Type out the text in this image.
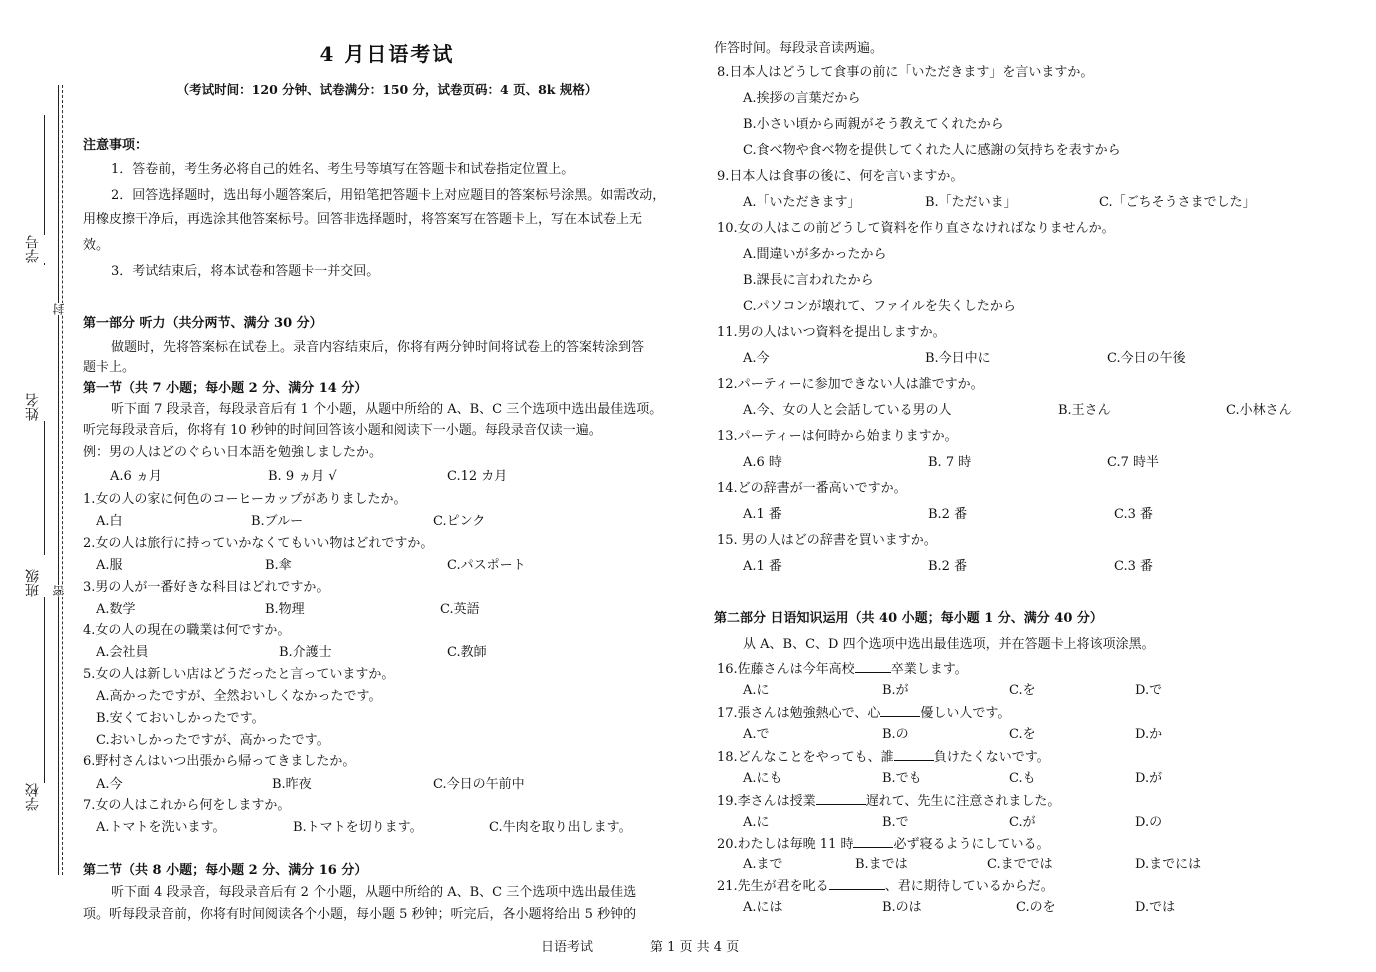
学号
封
姓名
班级 密
学校
4 月日语考试
（考试时间：120 分钟、试卷满分：150 分，试卷页码：4 页、8k 规格）
注意事项：
1．答卷前，考生务必将自己的姓名、考生号等填写在答题卡和试卷指定位置上。
2．回答选择题时，选出每小题答案后，用铅笔把答题卡上对应题目的答案标号涂黑。如需改动，
用橡皮擦干净后，再选涂其他答案标号。回答非选择题时，将答案写在答题卡上，写在本试卷上无
效。
3．考试结束后，将本试卷和答题卡一并交回。
第一部分 听力（共分两节、满分 30 分）
做题时，先将答案标在试卷上。录音内容结束后，你将有两分钟时间将试卷上的答案转涂到答
题卡上。
第一节（共 7 小题；每小题 2 分、满分 14 分）
听下面 7 段录音，每段录音后有 1 个小题，从题中所给的 A、B、C 三个选项中选出最佳选项。
听完每段录音后，你将有 10 秒钟的时间回答该小题和阅读下一小题。每段录音仅读一遍。
例：男の人はどのぐらい日本語を勉強しましたか。
A.6 ヵ月	B. 9 ヵ月 √	C.12 カ月
1.女の人の家に何色のコーヒーカップがありましたか。
A.白	B.ブルー	C.ピンク
2.女の人は旅行に持っていかなくてもいい物はどれですか。
A.服	B.傘	C.パスポート
3.男の人が一番好きな科目はどれですか。
A.数学	B.物理	C.英語
4.女の人の現在の職業は何ですか。
A.会社員	B.介護士	C.教師
5.女の人は新しい店はどうだったと言っていますか。
A.高かったですが、全然おいしくなかったです。
B.安くておいしかったです。
C.おいしかったですが、高かったです。
6.野村さんはいつ出張から帰ってきましたか。
A.今	B.昨夜	C.今日の午前中
7.女の人はこれから何をしますか。
A.トマトを洗います。	B.トマトを切ります。	C.牛肉を取り出します。
第二节（共 8 小题；每小题 2 分、满分 16 分）
听下面 4 段录音，每段录音后有 2 个小题，从题中所给的 A、B、C 三个选项中选出最佳选
项。听每段录音前，你将有时间阅读各个小题，每小题 5 秒钟；听完后，各小题将给出 5 秒钟的
作答时间。每段录音读两遍。
8.日本人はどうして食事の前に「いただきます」を言いますか。
A.挨拶の言葉だから
B.小さい頃から両親がそう教えてくれたから
C.食べ物や食べ物を提供してくれた人に感謝の気持ちを表すから
9.日本人は食事の後に、何を言いますか。
A.「いただきます」	B.「ただいま」	C.「ごちそうさまでした」
10.女の人はこの前どうして資料を作り直さなければなりませんか。
A.間違いが多かったから
B.課長に言われたから
C.パソコンが壊れて、ファイルを失くしたから
11.男の人はいつ資料を提出しますか。
A.今	B.今日中に	C.今日の午後
12.パーティーに参加できない人は誰ですか。
A.今、女の人と会話している男の人	B.王さん	C.小林さん
13.パーティーは何時から始まりますか。
A.6 時	B. 7 時	C.7 時半
14.どの辞書が一番高いですか。
A.1 番	B.2 番	C.3 番
15. 男の人はどの辞書を買いますか。
A.1 番	B.2 番	C.3 番
第二部分 日语知识运用（共 40 小题；每小题 1 分、满分 40 分）
从 A、B、C、D 四个选项中选出最佳选项，并在答题卡上将该项涂黑。
16.佐藤さんは今年高校	卒業します。
A.に	B.が	C.を	D.で
17.張さんは勉強熱心で、心	優しい人です。
A.で	B.の	C.を	D.か
18.どんなことをやっても、誰	負けたくないです。
A.にも	B.でも	C.も	D.が
19.李さんは授業	遅れて、先生に注意されました。
A.に	B.で	C.が	D.の
20.わたしは毎晩 11 時	必ず寝るようにしている。
A.まで	B.までは	C.まででは	D.までには
21.先生が君を叱る	、君に期待しているからだ。
A.には	B.のは	C.のを	D.では
日语考试	第 1 页 共 4 页
